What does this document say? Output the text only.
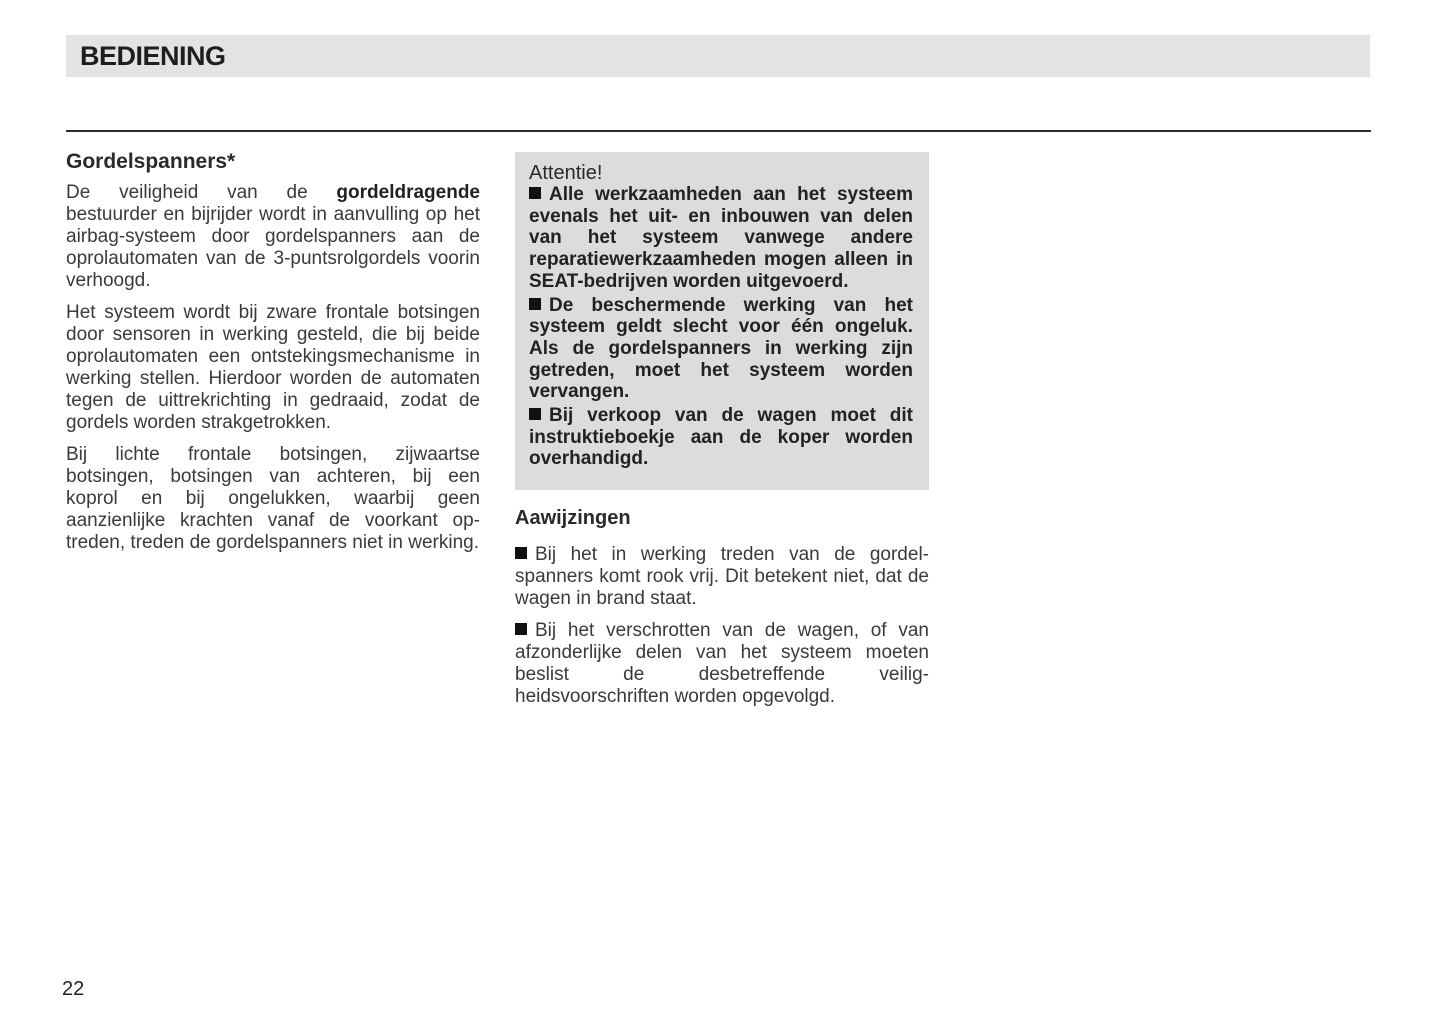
BEDIENING
Gordelspanners*

De veiligheid van de gordeldragende bestuurder en bijrijder wordt in aanvulling op het airbag-systeem door gordelspanners aan de oprolautomaten van de 3-puntsrolgordels voorin verhoogd.

Het systeem wordt bij zware frontale botsingen door sensoren in werking gesteld, die bij beide oprolautomaten een ontstekingsmechanisme in werking stellen. Hierdoor worden de automaten tegen de uittrekrichting in gedraaid, zodat de gordels worden strakgetrokken.

Bij lichte frontale botsingen, zijwaartse botsingen, botsingen van achteren, bij een koprol en bij ongelukken, waarbij geen aanzienlijke krachten vanaf de voorkant optreden, treden de gordelspanners niet in werking.

Attentie!
Alle werkzaamheden aan het systeem evenals het uit- en inbouwen van delen van het systeem vanwege andere reparatiewerkzaamheden mogen alleen in SEAT-bedrijven worden uitgevoerd.
De beschermende werking van het systeem geldt slecht voor één ongeluk. Als de gordelspanners in werking zijn getreden, moet het systeem worden vervangen.
Bij verkoop van de wagen moet dit instruktieboekje aan de koper worden overhandigd.
Aawijzingen

Bij het in werking treden van de gordelspanners komt rook vrij. Dit betekent niet, dat de wagen in brand staat.

Bij het verschrotten van de wagen, of van afzonderlijke delen van het systeem moeten beslist de desbetreffende veiligheidsvoorschriften worden opgevolgd.

22
